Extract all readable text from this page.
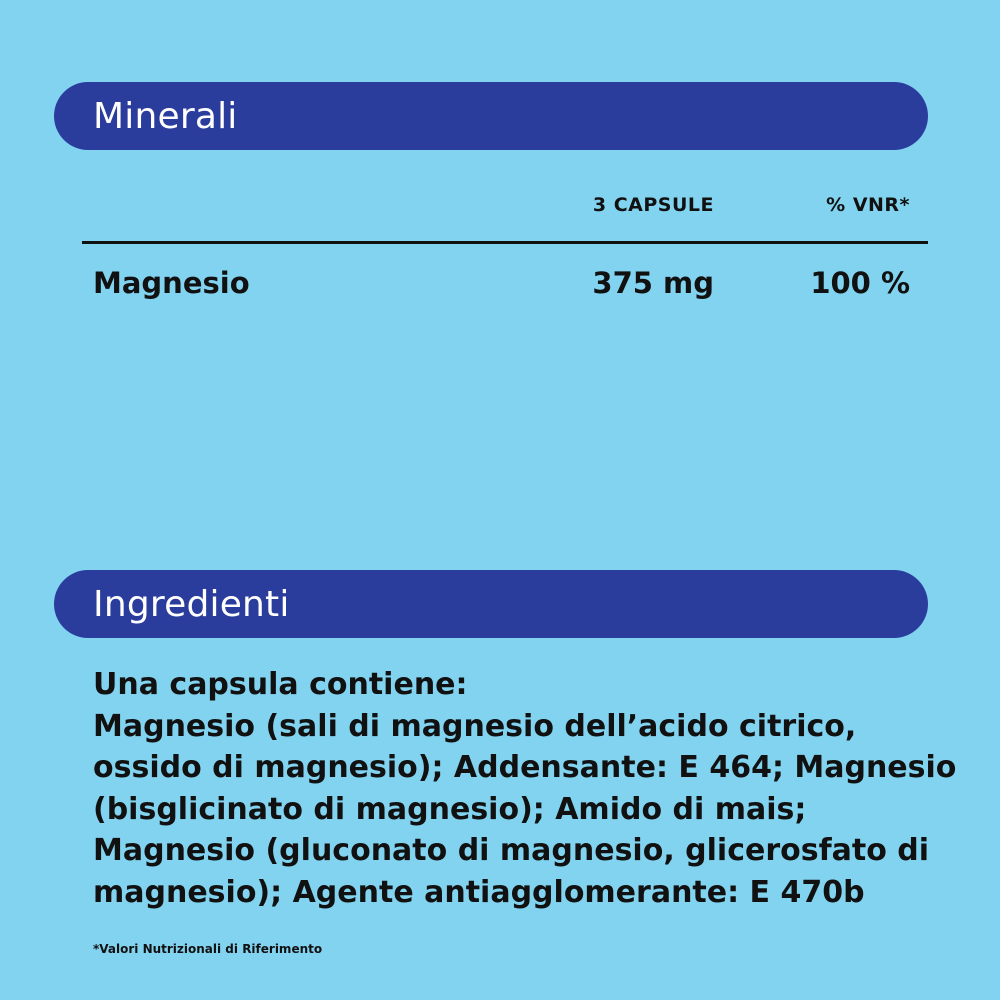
Minerali
3 CAPSULE	% VNR*
Magnesio	375 mg	100 %
Ingredienti
Una capsula contiene:
Magnesio (sali di magnesio dell’acido citrico,
ossido di magnesio); Addensante: E 464; Magnesio
(bisglicinato di magnesio); Amido di mais;
Magnesio (gluconato di magnesio, glicerosfato di
magnesio); Agente antiagglomerante: E 470b
*Valori Nutrizionali di Riferimento
